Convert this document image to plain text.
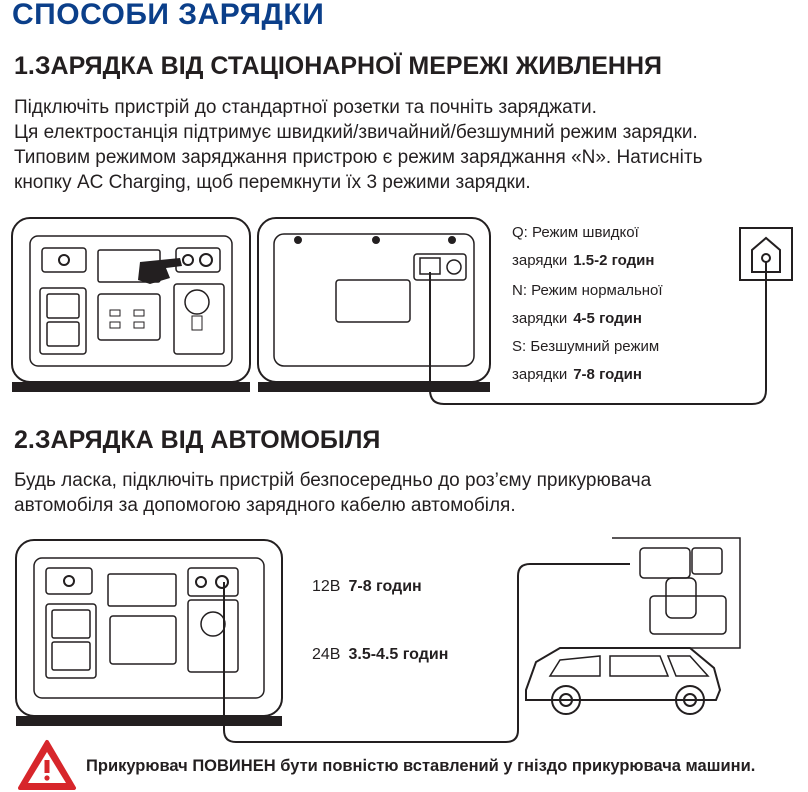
СПОСОБИ ЗАРЯДКИ
1.ЗАРЯДКА ВІД СТАЦІОНАРНОЇ МЕРЕЖІ ЖИВЛЕННЯ
Підключіть пристрій до стандартної розетки та почніть заряджати.
Ця електростанція підтримує швидкий/звичайний/безшумний режим зарядки.
Типовим режимом заряджання пристрою є режим заряджання «N». Натисніть
кнопку AC Charging, щоб перемкнути їх 3 режими зарядки.
Q: Режим швидкої
зарядки 1.5-2 годин
N: Режим нормальної
зарядки 4-5 годин
S: Безшумний режим
зарядки 7-8 годин
2.ЗАРЯДКА ВІД АВТОМОБІЛЯ
Будь ласка, підключіть пристрій безпосередньо до роз’єму прикурювача
автомобіля за допомогою зарядного кабелю автомобіля.
12В 7-8 годин
24В 3.5-4.5 годин
Прикурювач ПОВИНЕН бути повністю вставлений у гніздо прикурювача машини.
